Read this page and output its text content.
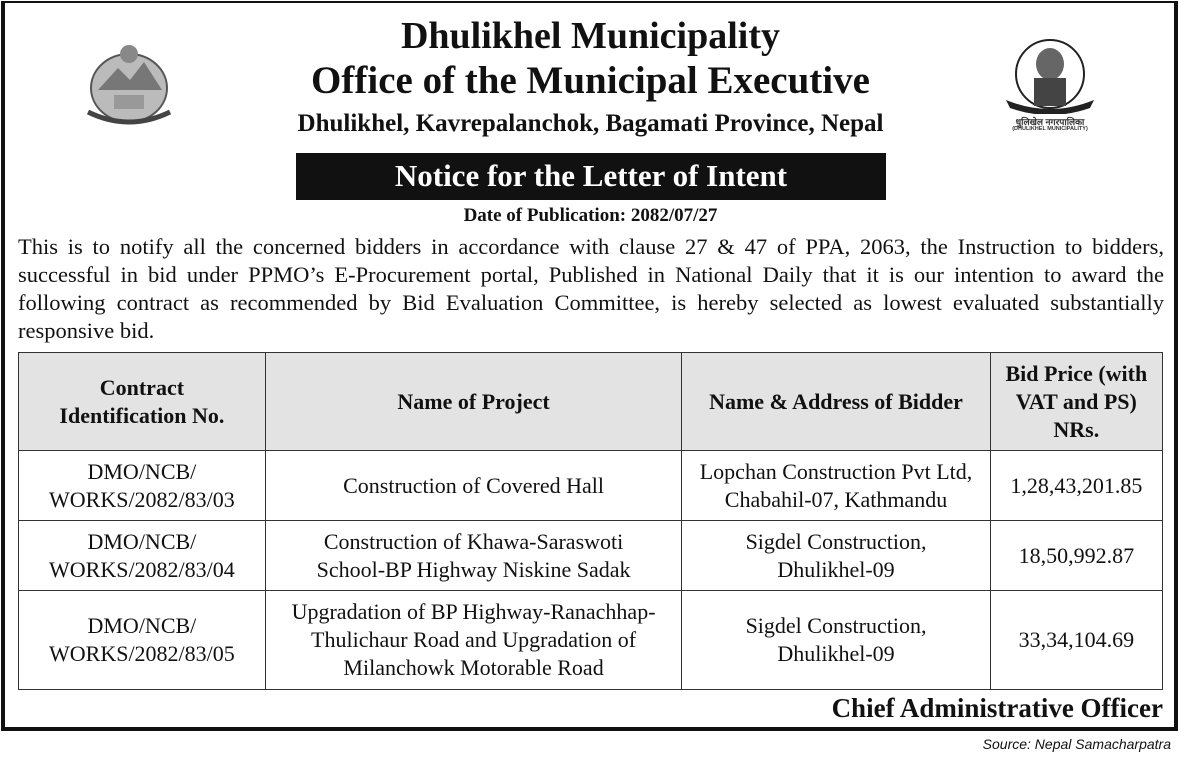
धुलिखेल नगरपालिका
(DHULIKHEL MUNICIPALITY)
Dhulikhel Municipality
Office of the Municipal Executive
Dhulikhel, Kavrepalanchok, Bagamati Province, Nepal
Notice for the Letter of Intent
Date of Publication: 2082/07/27
This is to notify all the concerned bidders in accordance with clause 27 & 47 of PPA, 2063, the Instruction to bidders, successful in bid under PPMO’s E-Procurement portal, Published in National Daily that it is our intention to award the following contract as recommended by Bid Evaluation Committee, is hereby selected as lowest evaluated substantially responsive bid.
Contract Identification No.	Name of Project	Name & Address of Bidder	Bid Price (with VAT and PS) NRs.
DMO/NCB/ WORKS/2082/83/03	Construction of Covered Hall	Lopchan Construction Pvt Ltd, Chabahil-07, Kathmandu	1,28,43,201.85
DMO/NCB/ WORKS/2082/83/04	Construction of Khawa-Saraswoti School-BP Highway Niskine Sadak	Sigdel Construction, Dhulikhel-09	18,50,992.87
DMO/NCB/ WORKS/2082/83/05	Upgradation of BP Highway-Ranachhap-Thulichaur Road and Upgradation of Milanchowk Motorable Road	Sigdel Construction, Dhulikhel-09	33,34,104.69
Chief Administrative Officer
Source: Nepal Samacharpatra
